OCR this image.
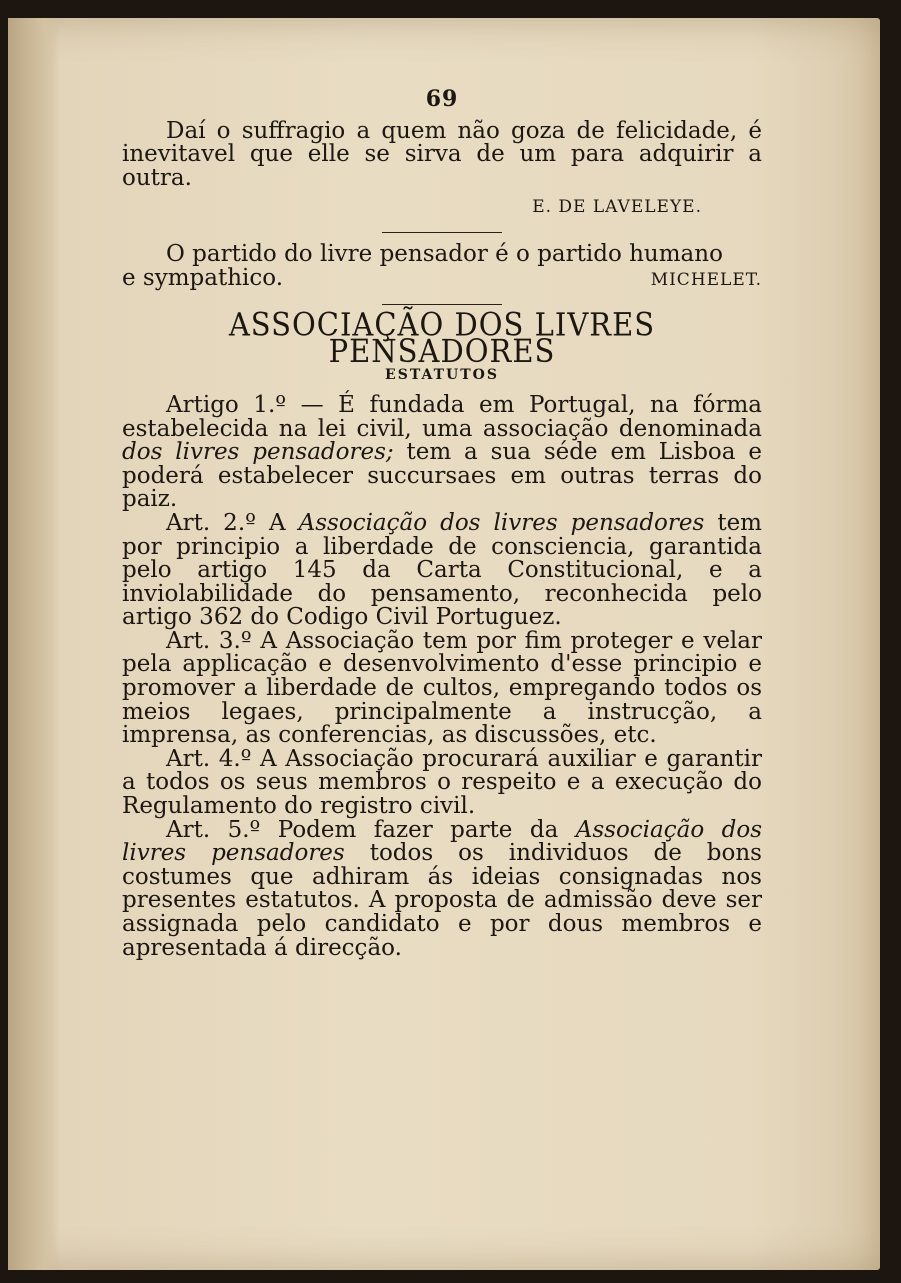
69

Daí o suffragio a quem não goza de felicidade, é inevitavel que elle se sirva de um para adquirir a outra.

E. DE LAVELEYE.

O partido do livre pensador é o partido humano

e sympathico.	MICHELET.
ASSOCIAÇÃO DOS LIVRES PENSADORES
ESTATUTOS

Artigo 1.º — É fundada em Portugal, na fórma estabelecida na lei civil, uma associação denominada dos livres pensadores; tem a sua séde em Lisboa e poderá estabelecer succursaes em outras terras do paiz.

Art. 2.º A Associação dos livres pensadores tem por principio a liberdade de consciencia, garantida pelo artigo 145 da Carta Constitucional, e a inviolabilidade do pensamento, reconhecida pelo artigo 362 do Codigo Civil Portuguez.

Art. 3.º A Associação tem por fim proteger e velar pela applicação e desenvolvimento d'esse principio e promover a liberdade de cultos, empregando todos os meios legaes, principalmente a instrucção, a imprensa, as conferencias, as discussões, etc.

Art. 4.º A Associação procurará auxiliar e garantir a todos os seus membros o respeito e a execução do Regulamento do registro civil.

Art. 5.º Podem fazer parte da Associação dos livres pensadores todos os individuos de bons costumes que adhiram ás ideias consignadas nos presentes estatutos. A proposta de admissão deve ser assignada pelo candidato e por dous membros e apresentada á direcção.
